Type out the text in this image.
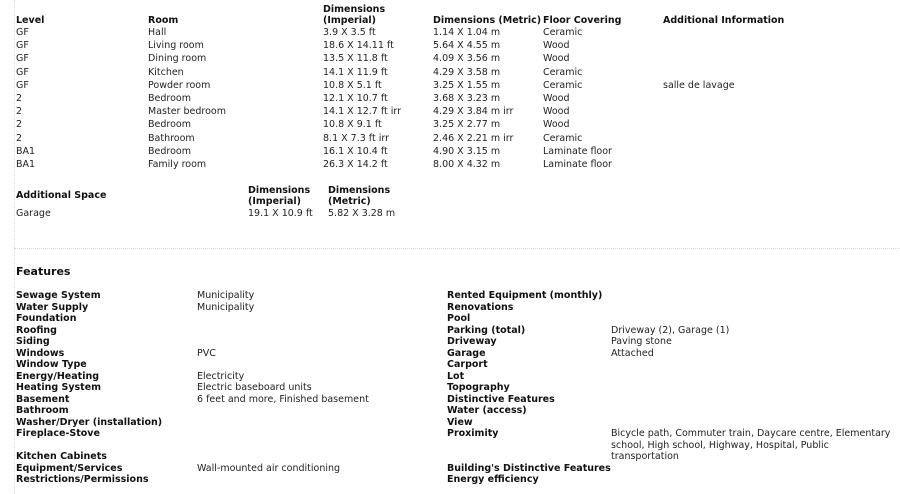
Level	Room	Dimensions (Imperial)	Dimensions (Metric)	Floor Covering	Additional Information
GF	Hall	3.9 X 3.5 ft	1.14 X 1.04 m	Ceramic	
GF	Living room	18.6 X 14.11 ft	5.64 X 4.55 m	Wood	
GF	Dining room	13.5 X 11.8 ft	4.09 X 3.56 m	Wood	
GF	Kitchen	14.1 X 11.9 ft	4.29 X 3.58 m	Ceramic	
GF	Powder room	10.8 X 5.1 ft	3.25 X 1.55 m	Ceramic	salle de lavage
2	Bedroom	12.1 X 10.7 ft	3.68 X 3.23 m	Wood	
2	Master bedroom	14.1 X 12.7 ft irr	4.29 X 3.84 m irr	Wood	
2	Bedroom	10.8 X 9.1 ft	3.25 X 2.77 m	Wood	
2	Bathroom	8.1 X 7.3 ft irr	2.46 X 2.21 m irr	Ceramic	
BA1	Bedroom	16.1 X 10.4 ft	4.90 X 3.15 m	Laminate floor	
BA1	Family room	26.3 X 14.2 ft	8.00 X 4.32 m	Laminate floor	
Additional Space	Dimensions (Imperial)	Dimensions (Metric)
Garage	19.1 X 10.9 ft	5.82 X 3.28 m
Features
Sewage System	Municipality
Water Supply	Municipality
Foundation
Roofing
Siding
Windows	PVC
Window Type
Energy/Heating	Electricity
Heating System	Electric baseboard units
Basement	6 feet and more, Finished basement
Bathroom
Washer/Dryer (installation)
Fireplace-Stove
Kitchen Cabinets
Equipment/Services	Wall-mounted air conditioning
Restrictions/Permissions
Rented Equipment (monthly)
Renovations
Pool
Parking (total)	Driveway (2), Garage (1)
Driveway	Paving stone
Garage	Attached
Carport
Lot
Topography
Distinctive Features
Water (access)
View
Proximity	Bicycle path, Commuter train, Daycare centre, Elementary school, High school, Highway, Hospital, Public transportation
Building's Distinctive Features
Energy efficiency
